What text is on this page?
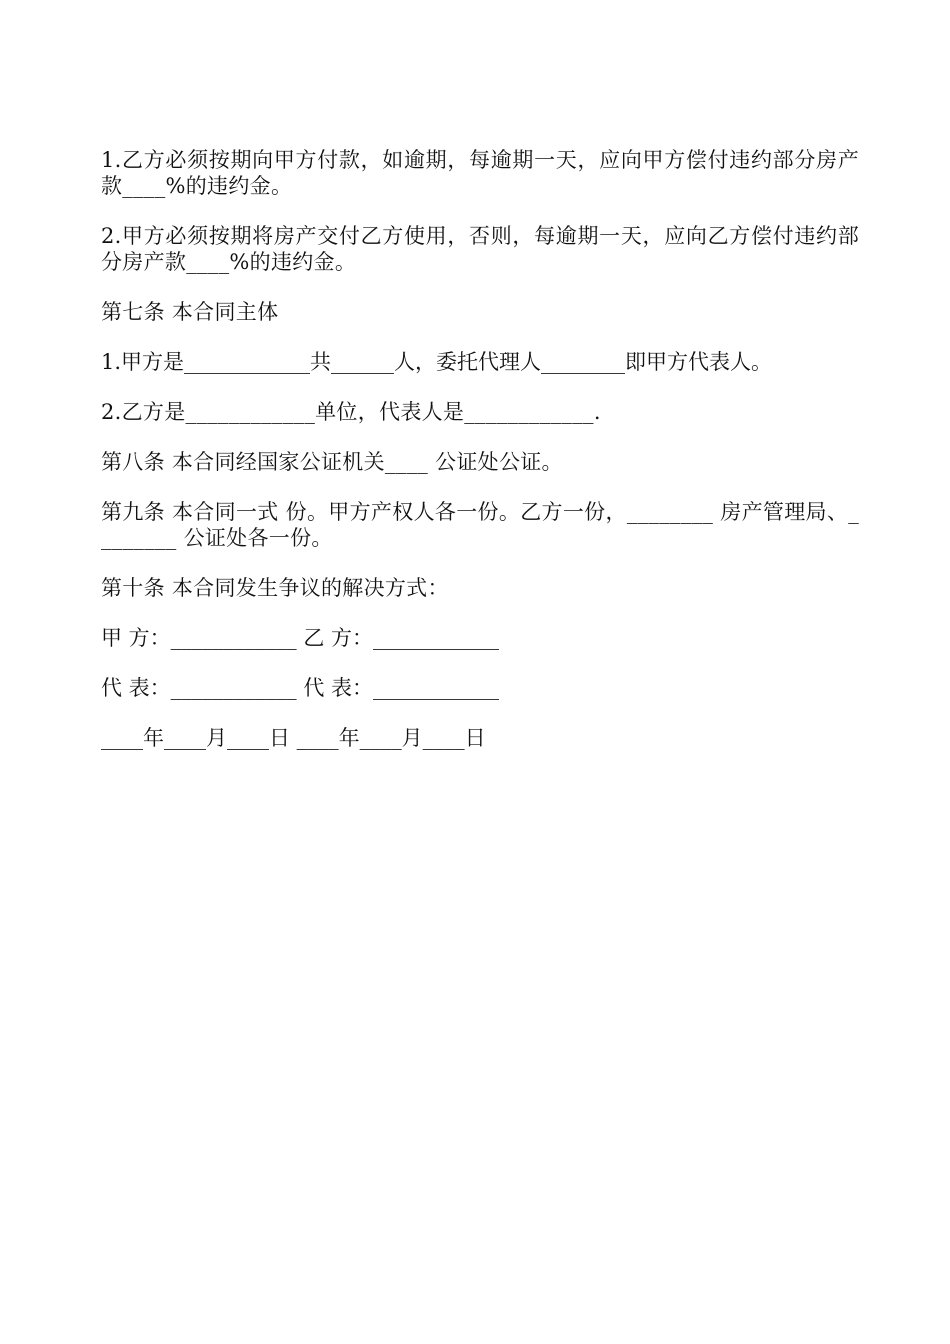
1.乙方必须按期向甲方付款，如逾期，每逾期一天，应向甲方偿付违约部分房产款____%的违约金。

2.甲方必须按期将房产交付乙方使用，否则，每逾期一天，应向乙方偿付违约部分房产款____%的违约金。

第七条 本合同主体

1.甲方是____________共______人，委托代理人________即甲方代表人。

2.乙方是____________单位，代表人是____________.

第八条 本合同经国家公证机关____ 公证处公证。

第九条 本合同一式 份。甲方产权人各一份。乙方一份，________ 房产管理局、________ 公证处各一份。

第十条 本合同发生争议的解决方式：

甲 方：____________ 乙 方：____________

代 表：____________ 代 表：____________

____年____月____日 ____年____月____日
